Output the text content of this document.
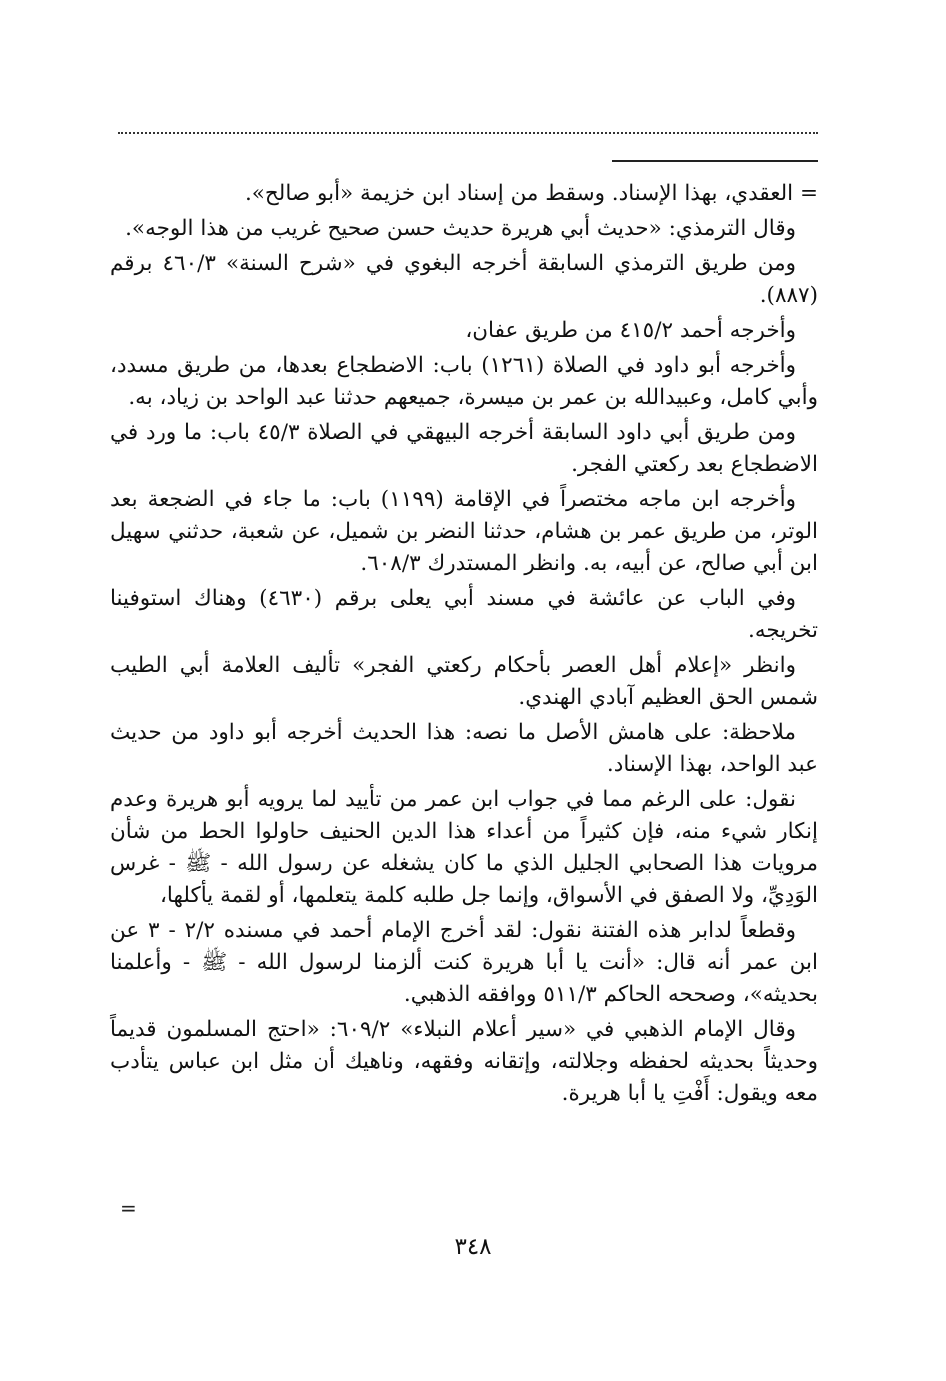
= العقدي، بهذا الإسناد. وسقط من إسناد ابن خزيمة «أبو صالح».

وقال الترمذي: «حديث أبي هريرة حديث حسن صحيح غريب من هذا الوجه».

ومن طريق الترمذي السابقة أخرجه البغوي في «شرح السنة» ٤٦٠/٣ برقم (٨٨٧).

وأخرجه أحمد ٤١٥/٢ من طريق عفان،

وأخرجه أبو داود في الصلاة (١٢٦١) باب: الاضطجاع بعدها، من طريق مسدد، وأبي كامل، وعبيدالله بن عمر بن ميسرة، جميعهم حدثنا عبد الواحد بن زياد، به.

ومن طريق أبي داود السابقة أخرجه البيهقي في الصلاة ٤٥/٣ باب: ما ورد في الاضطجاع بعد ركعتي الفجر.

وأخرجه ابن ماجه مختصراً في الإقامة (١١٩٩) باب: ما جاء في الضجعة بعد الوتر، من طريق عمر بن هشام، حدثنا النضر بن شميل، عن شعبة، حدثني سهيل ابن أبي صالح، عن أبيه، به. وانظر المستدرك ٦٠٨/٣.

وفي الباب عن عائشة في مسند أبي يعلى برقم (٤٦٣٠) وهناك استوفينا تخريجه.

وانظر «إعلام أهل العصر بأحكام ركعتي الفجر» تأليف العلامة أبي الطيب شمس الحق العظيم آبادي الهندي.

ملاحظة: على هامش الأصل ما نصه: هذا الحديث أخرجه أبو داود من حديث عبد الواحد، بهذا الإسناد.

نقول: على الرغم مما في جواب ابن عمر من تأييد لما يرويه أبو هريرة وعدم إنكار شيء منه، فإن كثيراً من أعداء هذا الدين الحنيف حاولوا الحط من شأن مرويات هذا الصحابي الجليل الذي ما كان يشغله عن رسول الله - ﷺ - غرس الوَدِيِّ، ولا الصفق في الأسواق، وإنما جل طلبه كلمة يتعلمها، أو لقمة يأكلها،

وقطعاً لدابر هذه الفتنة نقول: لقد أخرج الإمام أحمد في مسنده ٢/٢ - ٣ عن ابن عمر أنه قال: «أنت يا أبا هريرة كنت ألزمنا لرسول الله - ﷺ - وأعلمنا بحديثه»، وصححه الحاكم ٥١١/٣ ووافقه الذهبي.

وقال الإمام الذهبي في «سير أعلام النبلاء» ٦٠٩/٢: «احتج المسلمون قديماً وحديثاً بحديثه لحفظه وجلالته، وإتقانه وفقهه، وناهيك أن مثل ابن عباس يتأدب معه ويقول: أَفْتِ يا أبا هريرة.

=
٣٤٨
